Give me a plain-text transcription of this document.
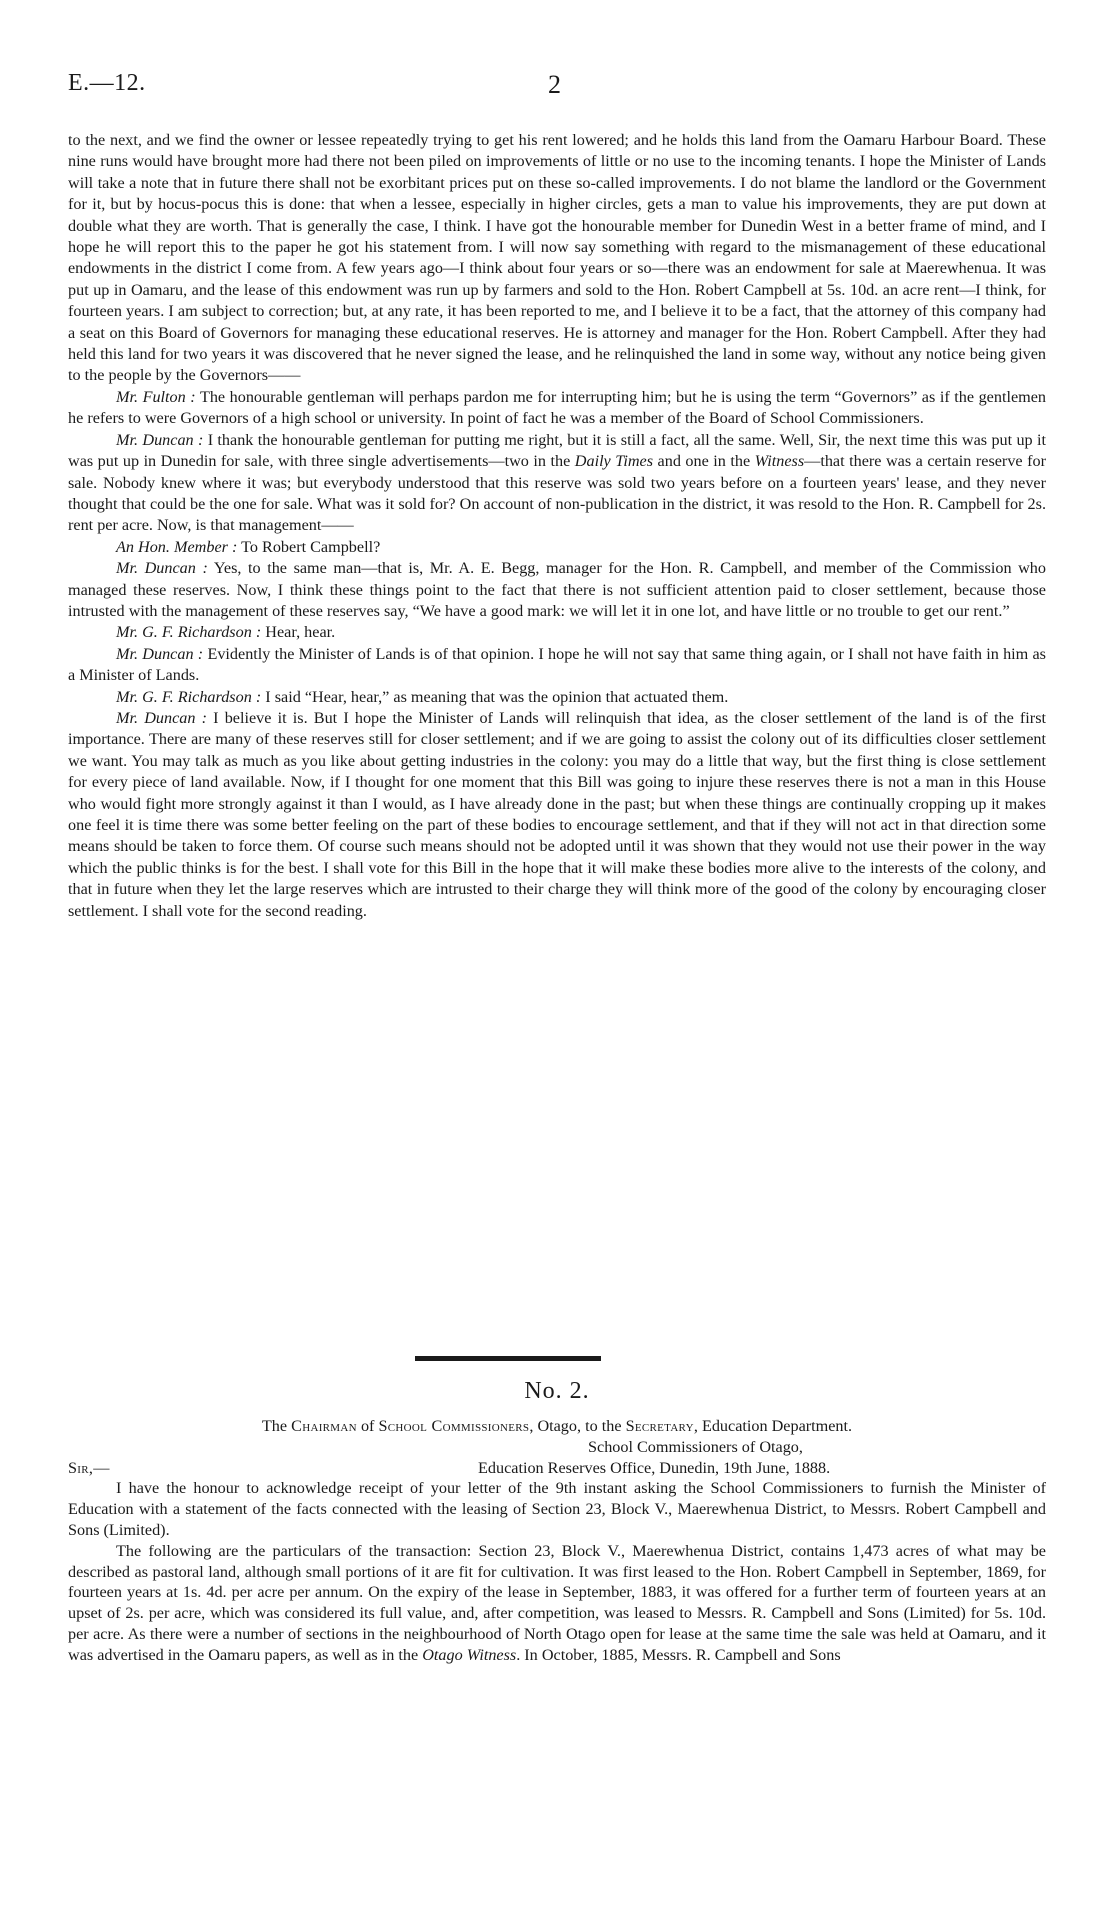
E.—12.	2

to the next, and we find the owner or lessee repeatedly trying to get his rent lowered; and he holds this land from the Oamaru Harbour Board. These nine runs would have brought more had there not been piled on improvements of little or no use to the incoming tenants. I hope the Minister of Lands will take a note that in future there shall not be exorbitant prices put on these so-called improvements. I do not blame the landlord or the Government for it, but by hocus-pocus this is done: that when a lessee, especially in higher circles, gets a man to value his improvements, they are put down at double what they are worth. That is generally the case, I think. I have got the honourable member for Dunedin West in a better frame of mind, and I hope he will report this to the paper he got his statement from. I will now say something with regard to the mismanagement of these educational endowments in the district I come from. A few years ago—I think about four years or so—there was an endowment for sale at Maerewhenua. It was put up in Oamaru, and the lease of this endowment was run up by farmers and sold to the Hon. Robert Campbell at 5s. 10d. an acre rent—I think, for fourteen years. I am subject to correction; but, at any rate, it has been reported to me, and I believe it to be a fact, that the attorney of this company had a seat on this Board of Governors for managing these educational reserves. He is attorney and manager for the Hon. Robert Campbell. After they had held this land for two years it was discovered that he never signed the lease, and he relinquished the land in some way, without any notice being given to the people by the Governors——

Mr. Fulton : The honourable gentleman will perhaps pardon me for interrupting him; but he is using the term “Governors” as if the gentlemen he refers to were Governors of a high school or university. In point of fact he was a member of the Board of School Commissioners.

Mr. Duncan : I thank the honourable gentleman for putting me right, but it is still a fact, all the same. Well, Sir, the next time this was put up it was put up in Dunedin for sale, with three single advertisements—two in the Daily Times and one in the Witness—that there was a certain reserve for sale. Nobody knew where it was; but everybody understood that this reserve was sold two years before on a fourteen years' lease, and they never thought that could be the one for sale. What was it sold for? On account of non-publication in the district, it was resold to the Hon. R. Campbell for 2s. rent per acre. Now, is that management——

An Hon. Member : To Robert Campbell?

Mr. Duncan : Yes, to the same man—that is, Mr. A. E. Begg, manager for the Hon. R. Campbell, and member of the Commission who managed these reserves. Now, I think these things point to the fact that there is not sufficient attention paid to closer settlement, because those intrusted with the management of these reserves say, “We have a good mark: we will let it in one lot, and have little or no trouble to get our rent.”

Mr. G. F. Richardson : Hear, hear.

Mr. Duncan : Evidently the Minister of Lands is of that opinion. I hope he will not say that same thing again, or I shall not have faith in him as a Minister of Lands.

Mr. G. F. Richardson : I said “Hear, hear,” as meaning that was the opinion that actuated them.

Mr. Duncan : I believe it is. But I hope the Minister of Lands will relinquish that idea, as the closer settlement of the land is of the first importance. There are many of these reserves still for closer settlement; and if we are going to assist the colony out of its difficulties closer settlement we want. You may talk as much as you like about getting industries in the colony: you may do a little that way, but the first thing is close settlement for every piece of land available. Now, if I thought for one moment that this Bill was going to injure these reserves there is not a man in this House who would fight more strongly against it than I would, as I have already done in the past; but when these things are continually cropping up it makes one feel it is time there was some better feeling on the part of these bodies to encourage settlement, and that if they will not act in that direction some means should be taken to force them. Of course such means should not be adopted until it was shown that they would not use their power in the way which the public thinks is for the best. I shall vote for this Bill in the hope that it will make these bodies more alive to the interests of the colony, and that in future when they let the large reserves which are intrusted to their charge they will think more of the good of the colony by encouraging closer settlement. I shall vote for the second reading.

No. 2.

The Chairman of School Commissioners, Otago, to the Secretary, Education Department.

School Commissioners of Otago,
Sir,—	Education Reserves Office, Dunedin, 19th June, 1888.

I have the honour to acknowledge receipt of your letter of the 9th instant asking the School Commissioners to furnish the Minister of Education with a statement of the facts connected with the leasing of Section 23, Block V., Maerewhenua District, to Messrs. Robert Campbell and Sons (Limited).

The following are the particulars of the transaction: Section 23, Block V., Maerewhenua District, contains 1,473 acres of what may be described as pastoral land, although small portions of it are fit for cultivation. It was first leased to the Hon. Robert Campbell in September, 1869, for fourteen years at 1s. 4d. per acre per annum. On the expiry of the lease in September, 1883, it was offered for a further term of fourteen years at an upset of 2s. per acre, which was considered its full value, and, after competition, was leased to Messrs. R. Campbell and Sons (Limited) for 5s. 10d. per acre. As there were a number of sections in the neighbourhood of North Otago open for lease at the same time the sale was held at Oamaru, and it was advertised in the Oamaru papers, as well as in the Otago Witness. In October, 1885, Messrs. R. Campbell and Sons
